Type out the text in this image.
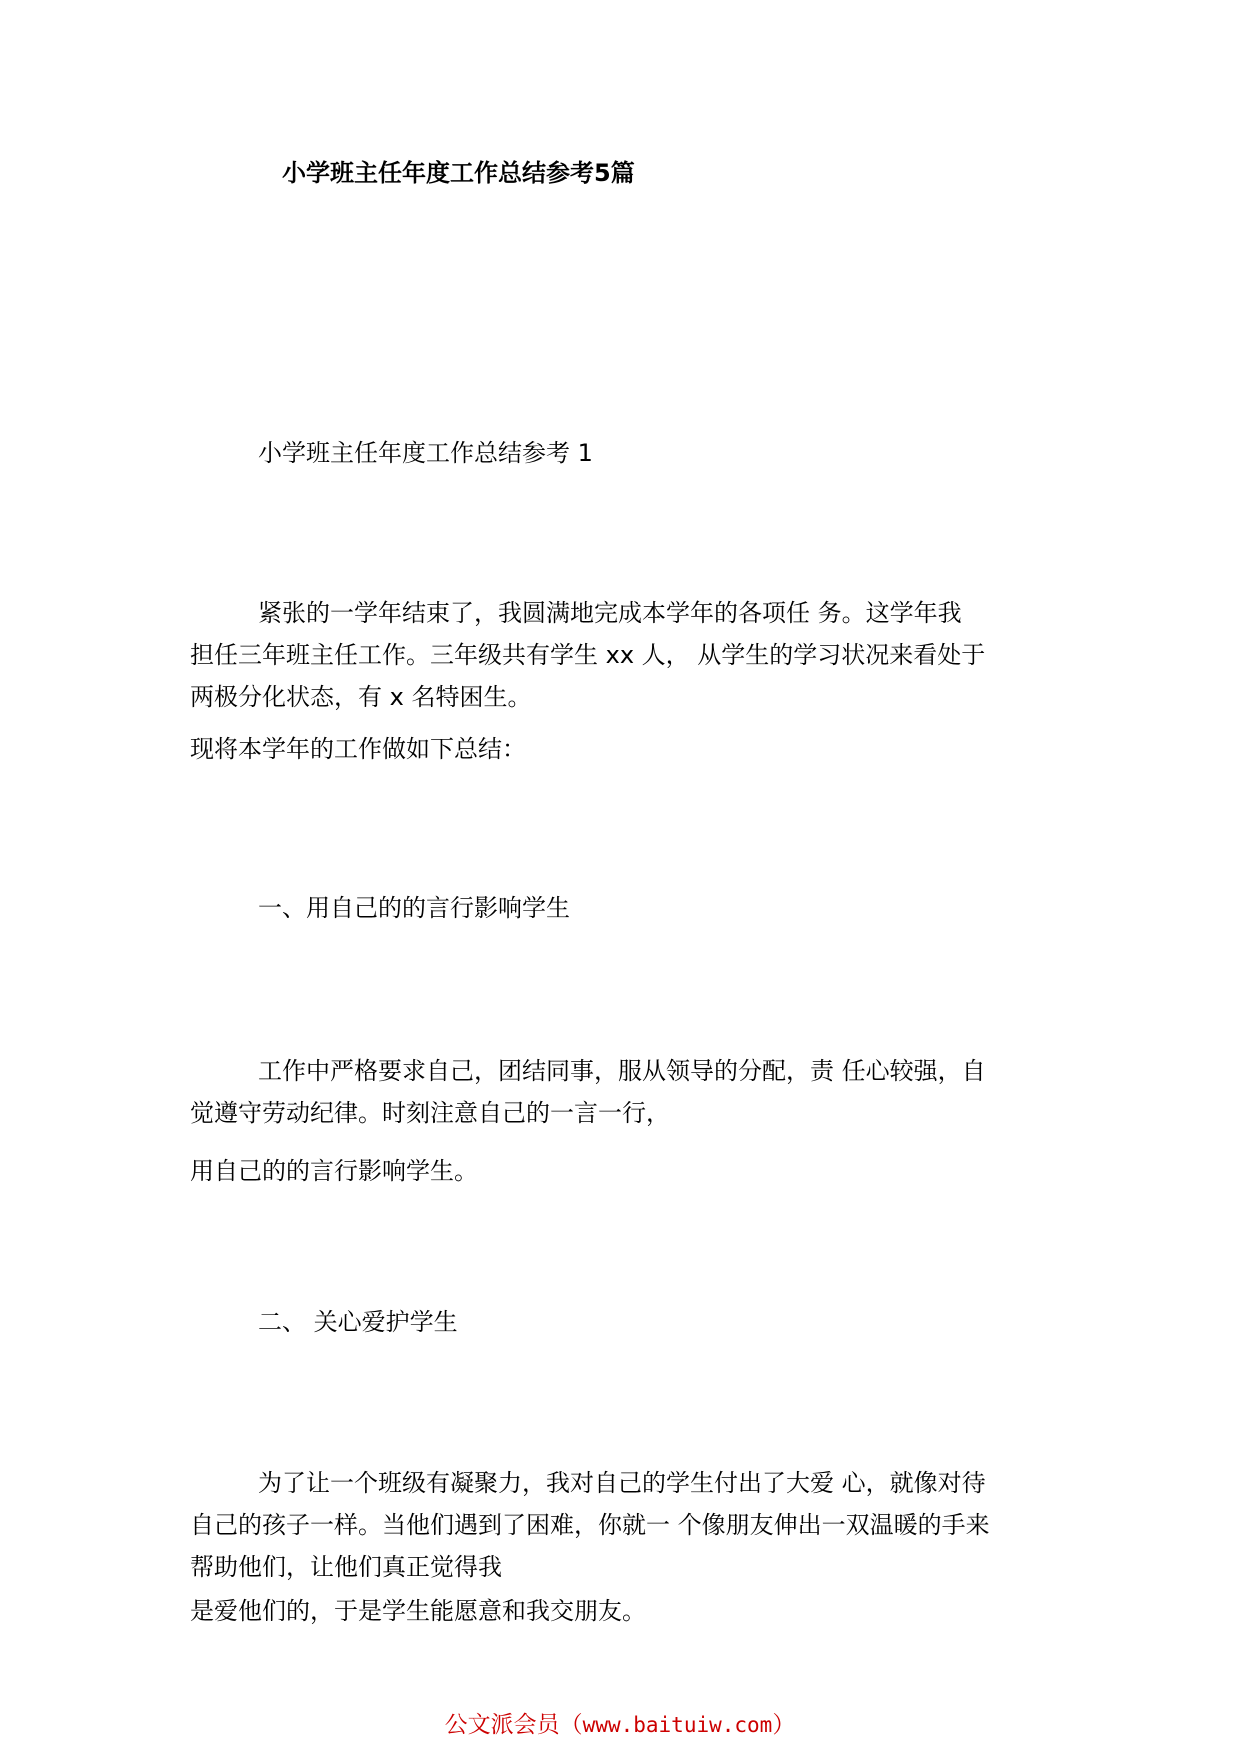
小学班主任年度工作总结参考5篇

小学班主任年度工作总结参考 1

紧张的一学年结束了，我圆满地完成本学年的各项任 务。这学年我
担任三年班主任工作。三年级共有学生 xx 人， 从学生的学习状况来看处于
两极分化状态，有 x 名特困生。

现将本学年的工作做如下总结：

一、用自己的的言行影响学生

工作中严格要求自己，团结同事，服从领导的分配，责 任心较强，自
觉遵守劳动纪律。时刻注意自己的一言一行，

用自己的的言行影响学生。

二、 关心爱护学生

为了让一个班级有凝聚力，我对自己的学生付出了大爱 心，就像对待
自己的孩子一样。当他们遇到了困难，你就一 个像朋友伸出一双温暖的手来
帮助他们，让他们真正觉得我

是爱他们的，于是学生能愿意和我交朋友。

公文派会员（www.baituiw.com）
